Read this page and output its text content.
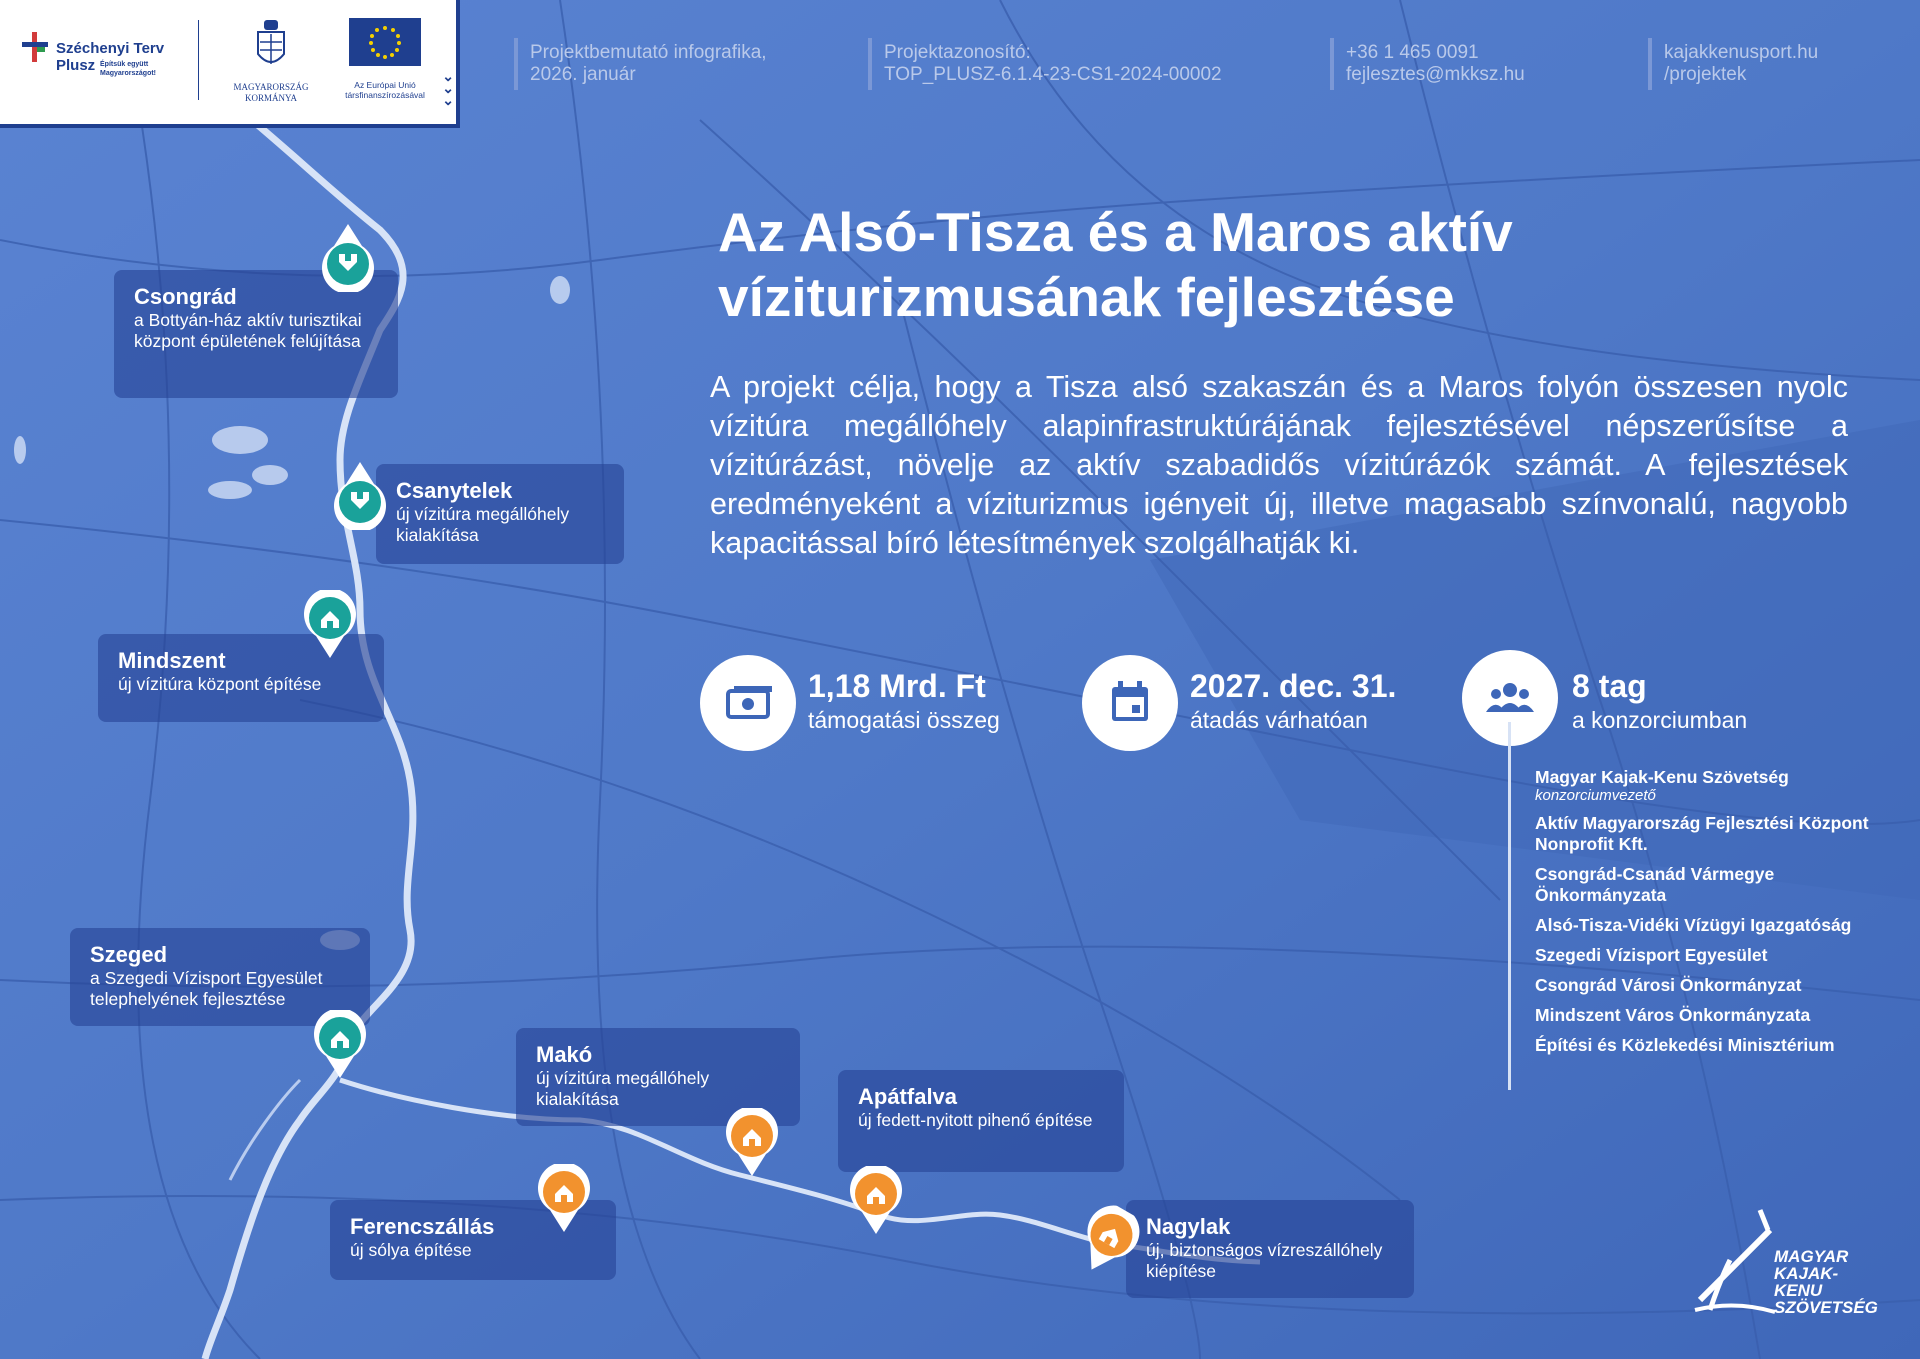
Széchenyi Terv Plusz Építsük együtt Magyarországot!
MAGYARORSZÁG KORMÁNYA
Az Európai Unió társfinanszírozásával
⌄
⌄
⌄
Projektbemutató infografika,
2026. január
Projektazonosító:
TOP_PLUSZ-6.1.4-23-CS1-2024-00002
+36 1 465 0091
fejlesztes@mkksz.hu
kajakkenusport.hu
/projektek
Az Alsó-Tisza és a Maros aktív
víziturizmusának fejlesztése

A projekt célja, hogy a Tisza alsó szakaszán és a Maros folyón összesen nyolc vízitúra megállóhely alapinfrastruktúrájának fejlesztésével népszerűsítse a vízitúrázást, növelje az aktív szabadidős vízitúrázók számát. A fejlesztések eredményeként a víziturizmus igényeit új, illetve magasabb színvonalú, nagyobb kapacitással bíró létesítmények szolgálhatják ki.

1,18 Mrd. Ft
támogatási összeg
2027. dec. 31.
átadás várhatóan
8 tag
a konzorciumban
Magyar Kajak-Kenu Szövetség
konzorciumvezető
Aktív Magyarország Fejlesztési Központ Nonprofit Kft.
Csongrád-Csanád Vármegye Önkormányzata
Alsó-Tisza-Vidéki Vízügyi Igazgatóság
Szegedi Vízisport Egyesület
Csongrád Városi Önkormányzat
Mindszent Város Önkormányzata
Építési és Közlekedési Minisztérium
Csongrád
a Bottyán-ház aktív turisztikai központ épületének felújítása
Csanytelek
új vízitúra megállóhely kialakítása
Mindszent
új vízitúra központ építése
Szeged
a Szegedi Vízisport Egyesület telephelyének fejlesztése
Makó
új vízitúra megállóhely kialakítása	Apátfalva
új fedett-nyitott pihenő építése
Ferencszállás
új sólya építése
Nagylak
új, biztonságos vízreszállóhely kiépítése
MAGYAR KAJAK-KENU SZÖVETSÉG
